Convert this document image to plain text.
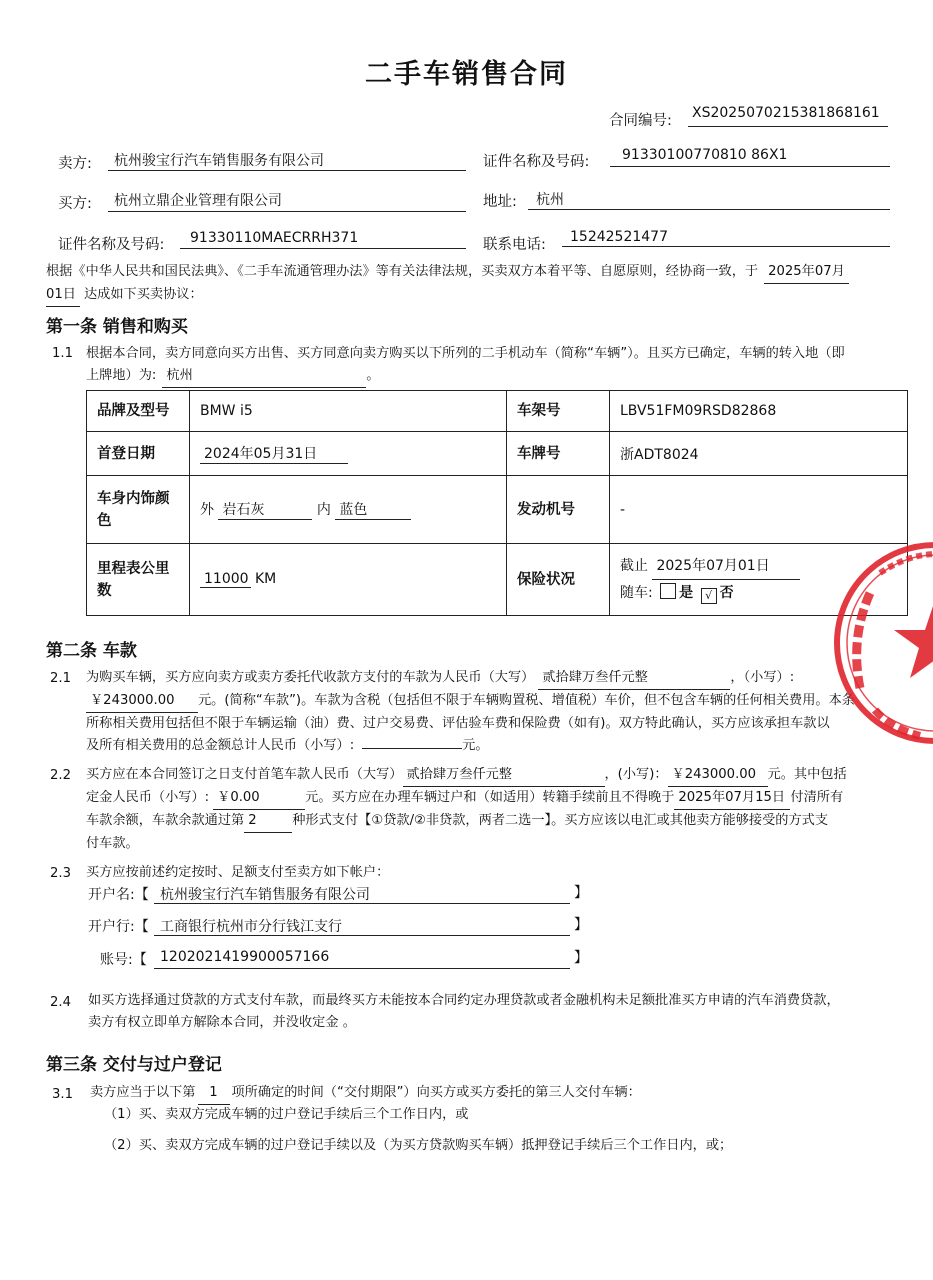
二手车销售合同
合同编号: XS20250702153818681​61
卖方: 杭州骏宝行汽车销售服务有限公司	证件名称及号码: 91330100770810 86X1
买方: 杭州立鼎企业管理有限公司	地址: 杭州
证件名称及号码: 91330110MAECRRH371	联系电话: 15242521477
根据《中华人民共和国民法典》、《二手车流通管理办法》等有关法律法规，买卖双方本着平等、自愿原则，经协商一致，于 2025年07月
01日 达成如下买卖协议：
第一条 销售和购买
1.1 根据本合同，卖方同意向买方出售、买方同意向卖方购买以下所列的二手机动车（简称“车辆”）。且买方已确定，车辆的转入地（即
上牌地）为: 杭州	。
品牌及型号	BMW i5	车架号	LBV51FM09RSD82868
首登日期	2024年05月31日	车牌号	浙ADT8024
车身内饰颜
色	外 岩石灰 内 蓝色	发动机号	-
里程表公里
数	11000 KM	保险状况	截止 2025年07月01日
随车: 是 √ 否
第二条 车款
2.1 为购买车辆，买方应向卖方或卖方委托代收款方支付的车款为人民币（大写） 贰拾肆万叁仟元整	，（小写）:
￥243000.00 元。(简称“车款”)。车款为含税（包括但不限于车辆购置税、增值税）车价，但不包含车辆的任何相关费用。本条
所称相关费用包括但不限于车辆运输（油）费、过户交易费、评估验车费和保险费（如有)。双方特此确认，买方应该承担车款以
及所有相关费用的总金额总计人民币（小写）:	元。
2.2 买方应在本合同签订之日支付首笔车款人民币（大写） 贰拾肆万叁仟元整	，(小写)： ￥243000.00 元。其中包括
定金人民币（小写）: ￥0.00	元。买方应在办理车辆过户和（如适用）转籍手续前且不得晚于 2025年07月15日 付清所有
车款余额，车款余款通过第 2	种形式支付【①贷款/②非贷款，两者二选一】。买方应该以电汇或其他卖方能够接受的方式支
付车款。
2.3 买方应按前述约定按时、足额支付至卖方如下帐户：
开户名:【 杭州骏宝行汽车销售服务有限公司	】
开户行:【 工商银行杭州市分行钱江支行	】
账号:【 1202021419900057166	】
2.4 如买方选择通过贷款的方式支付车款，而最终买方未能按本合同约定办理贷款或者金融机构未足额批准买方申请的汽车消费贷款，
卖方有权立即单方解除本合同，并没收定金 。
第三条 交付与过户登记
3.1 卖方应当于以下第 1 项所确定的时间（“交付期限”）向买方或买方委托的第三人交付车辆：
（1）买、卖双方完成车辆的过户登记手续后三个工作日内，或
（2）买、卖双方完成车辆的过户登记手续以及（为买方贷款购买车辆）抵押登记手续后三个工作日内，或；
